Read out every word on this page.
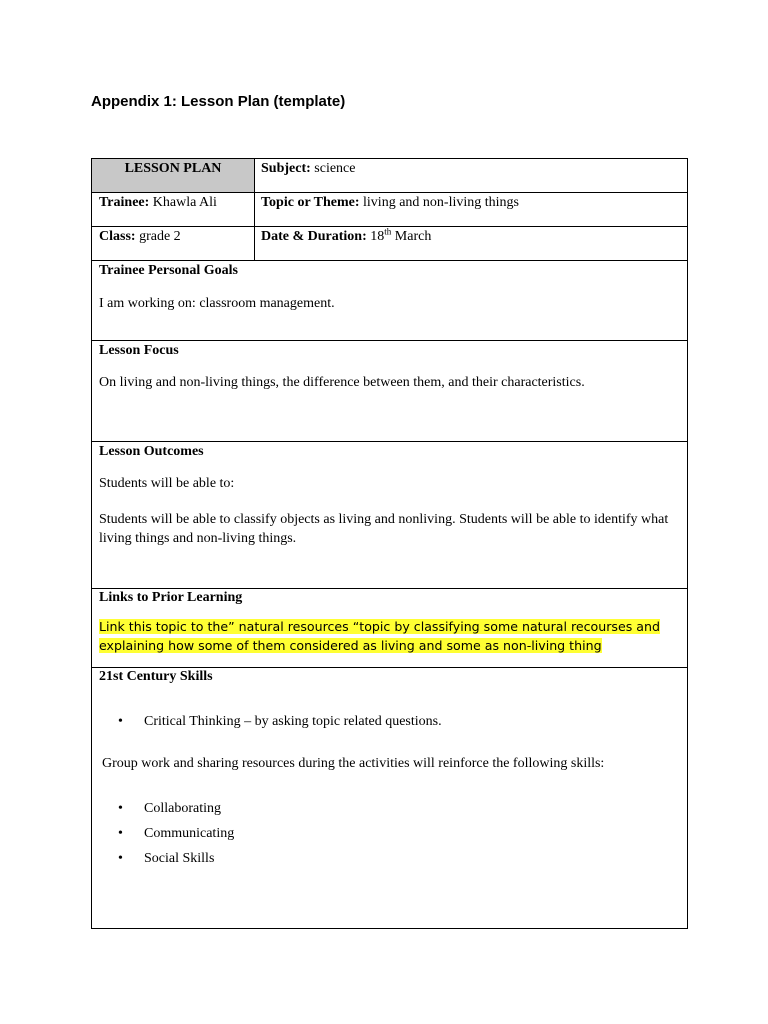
Appendix 1: Lesson Plan (template)
LESSON PLAN	Subject: science
Trainee: Khawla Ali	Topic or Theme: living and non-living things
Class: grade 2	Date & Duration: 18th March
Trainee Personal Goals
I am working on: classroom management.
Lesson Focus
On living and non-living things, the difference between them, and their characteristics.
Lesson Outcomes
Students will be able to:
Students will be able to classify objects as living and nonliving. Students will be able to identify what living things and non-living things.
Links to Prior Learning
Link this topic to the” natural resources “topic by classifying some natural recourses and
explaining how some of them considered as living and some as non-living thing
21st Century Skills
• Critical Thinking – by asking topic related questions.
Group work and sharing resources during the activities will reinforce the following skills:
• Collaborating
• Communicating
• Social Skills
